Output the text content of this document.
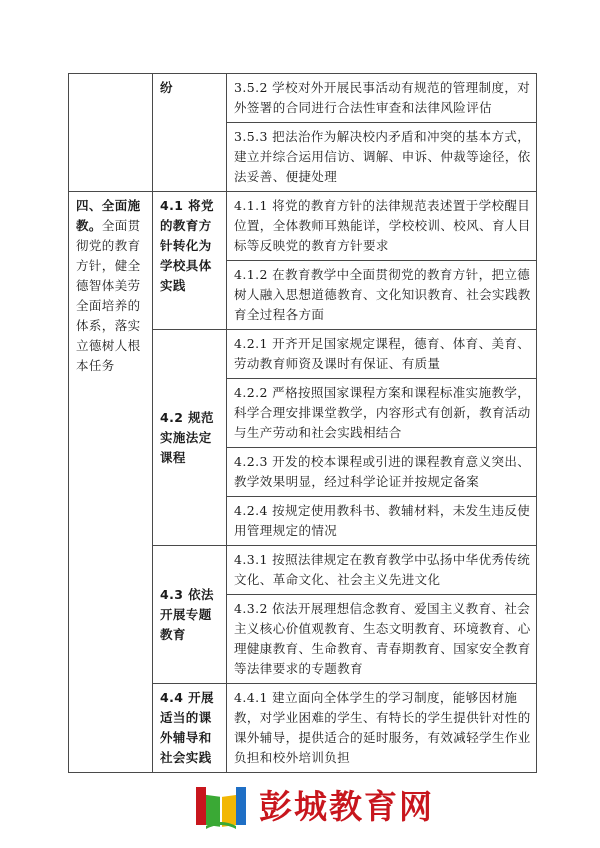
	纷	3.5.2 学校对外开展民事活动有规范的管理制度，对外签署的合同进行合法性审查和法律风险评估
		3.5.3 把法治作为解决校内矛盾和冲突的基本方式，建立并综合运用信访、调解、申诉、仲裁等途径，依法妥善、便捷处理
四、全面施教。全面贯彻党的教育方针，健全德智体美劳全面培养的体系，落实立德树人根本任务	4.1 将党的教育方针转化为学校具体实践	4.1.1 将党的教育方针的法律规范表述置于学校醒目位置，全体教师耳熟能详，学校校训、校风、育人目标等反映党的教育方针要求
		4.1.2 在教育教学中全面贯彻党的教育方针，把立德树人融入思想道德教育、文化知识教育、社会实践教育全过程各方面
	4.2 规范实施法定课程	4.2.1 开齐开足国家规定课程，德育、体育、美育、劳动教育师资及课时有保证、有质量
		4.2.2 严格按照国家课程方案和课程标准实施教学，科学合理安排课堂教学，内容形式有创新，教育活动与生产劳动和社会实践相结合
		4.2.3 开发的校本课程或引进的课程教育意义突出、教学效果明显，经过科学论证并按规定备案
		4.2.4 按规定使用教科书、教辅材料，未发生违反使用管理规定的情况
	4.3 依法开展专题教育	4.3.1 按照法律规定在教育教学中弘扬中华优秀传统文化、革命文化、社会主义先进文化
		4.3.2 依法开展理想信念教育、爱国主义教育、社会主义核心价值观教育、生态文明教育、环境教育、心理健康教育、生命教育、青春期教育、国家安全教育等法律要求的专题教育
	4.4 开展适当的课外辅导和社会实践	4.4.1 建立面向全体学生的学习制度，能够因材施教，对学业困难的学生、有特长的学生提供针对性的课外辅导，提供适合的延时服务，有效减轻学生作业负担和校外培训负担
彭城教育网
